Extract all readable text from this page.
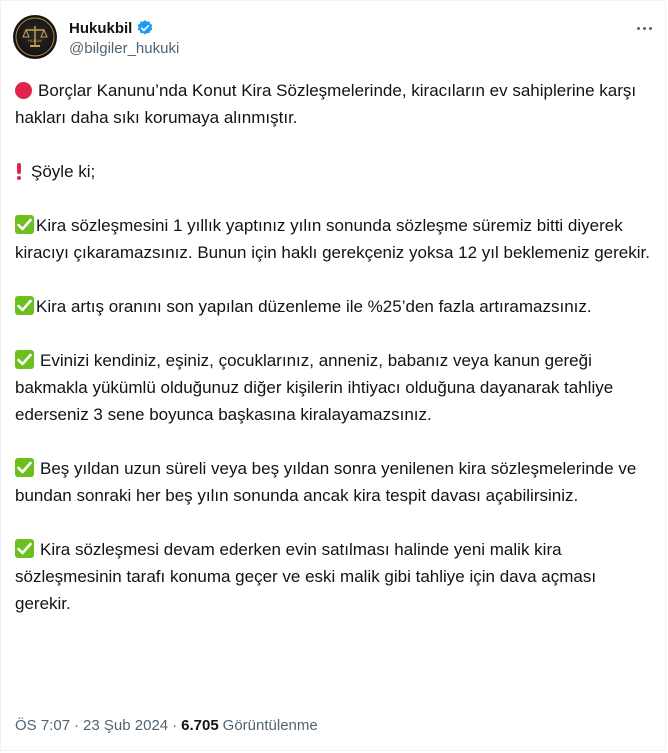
HUKUK
Hukukbil
@bilgiler_hukuki

Borçlar Kanunu’nda Konut Kira Sözleşmelerinde, kiracıların ev sahiplerine karşı hakları daha sıkı korumaya alınmıştır.

Şöyle ki;

Kira sözleşmesini 1 yıllık yaptınız yılın sonunda sözleşme süremiz bitti diyerek kiracıyı çıkaramazsınız. Bunun için haklı gerekçeniz yoksa 12 yıl beklemeniz gerekir.

Kira artış oranını son yapılan düzenleme ile %25’den fazla artıramazsınız.

Evinizi kendiniz, eşiniz, çocuklarınız, anneniz, babanız veya kanun gereği bakmakla yükümlü olduğunuz diğer kişilerin ihtiyacı olduğuna dayanarak tahliye ederseniz 3 sene boyunca başkasına kiralayamazsınız.

Beş yıldan uzun süreli veya beş yıldan sonra yenilenen kira sözleşmelerinde ve bundan sonraki her beş yılın sonunda ancak kira tespit davası açabilirsiniz.

Kira sözleşmesi devam ederken evin satılması halinde yeni malik kira sözleşmesinin tarafı konuma geçer ve eski malik gibi tahliye için dava açması gerekir.

ÖS 7:07 · 23 Şub 2024 · 6.705 Görüntülenme
